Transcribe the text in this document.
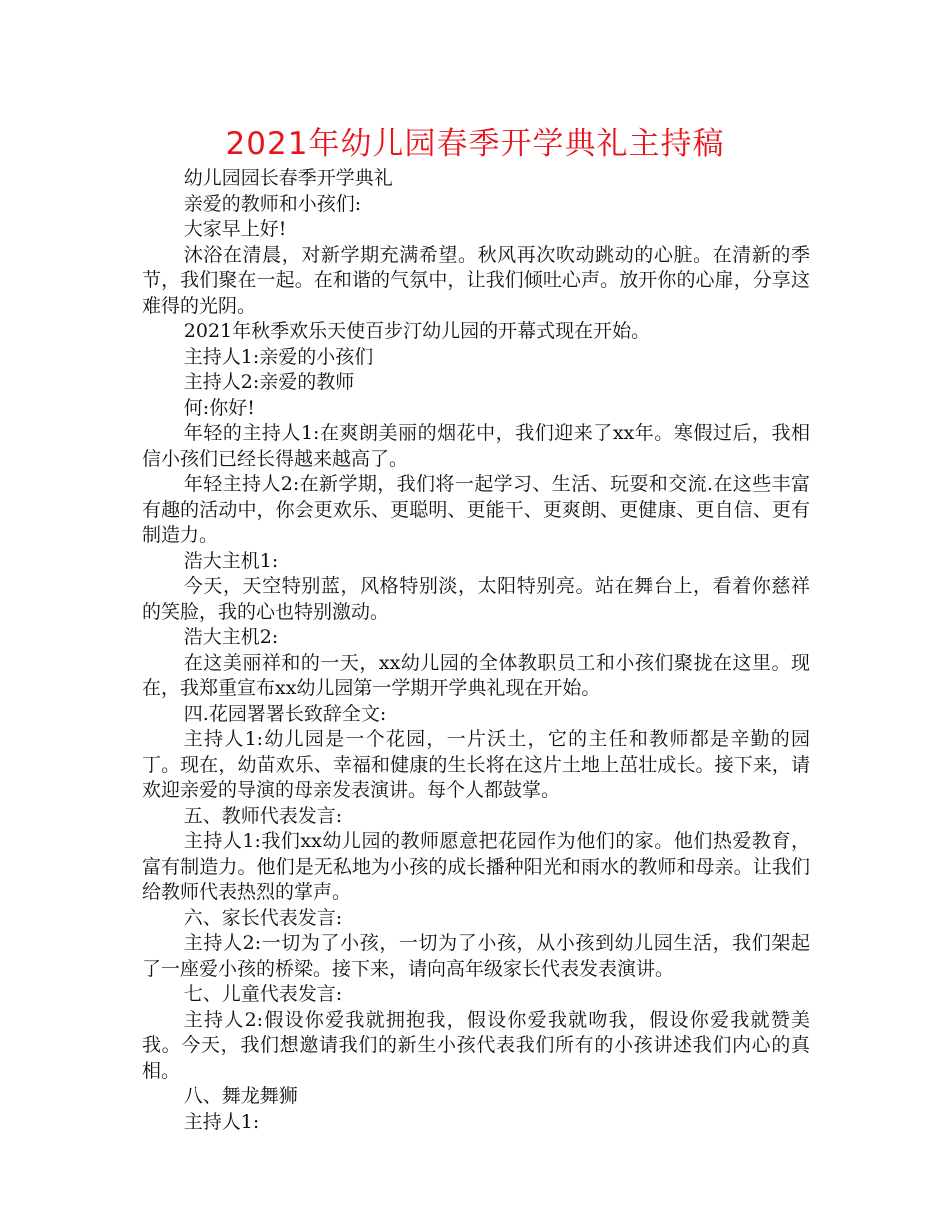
2021年幼儿园春季开学典礼主持稿

幼儿园园长春季开学典礼

亲爱的教师和小孩们:

大家早上好!

沐浴在清晨，对新学期充满希望。秋风再次吹动跳动的心脏。在清新的季节，我们聚在一起。在和谐的气氛中，让我们倾吐心声。放开你的心扉，分享这难得的光阴。

2021年秋季欢乐天使百步汀幼儿园的开幕式现在开始。

主持人1:亲爱的小孩们

主持人2:亲爱的教师

何:你好!

年轻的主持人1:在爽朗美丽的烟花中，我们迎来了xx年。寒假过后，我相信小孩们已经长得越来越高了。

年轻主持人2:在新学期，我们将一起学习、生活、玩耍和交流.在这些丰富有趣的活动中，你会更欢乐、更聪明、更能干、更爽朗、更健康、更自信、更有制造力。

浩大主机1:

今天，天空特别蓝，风格特别淡，太阳特别亮。站在舞台上，看着你慈祥的笑脸，我的心也特别激动。

浩大主机2:

在这美丽祥和的一天，xx幼儿园的全体教职员工和小孩们聚拢在这里。现在，我郑重宣布xx幼儿园第一学期开学典礼现在开始。

四.花园署署长致辞全文:

主持人1:幼儿园是一个花园，一片沃土，它的主任和教师都是辛勤的园丁。现在，幼苗欢乐、幸福和健康的生长将在这片土地上茁壮成长。接下来，请欢迎亲爱的导演的母亲发表演讲。每个人都鼓掌。

五、教师代表发言:

主持人1:我们xx幼儿园的教师愿意把花园作为他们的家。他们热爱教育，富有制造力。他们是无私地为小孩的成长播种阳光和雨水的教师和母亲。让我们给教师代表热烈的掌声。

六、家长代表发言:

主持人2:一切为了小孩，一切为了小孩，从小孩到幼儿园生活，我们架起了一座爱小孩的桥梁。接下来，请向高年级家长代表发表演讲。

七、儿童代表发言:

主持人2:假设你爱我就拥抱我，假设你爱我就吻我，假设你爱我就赞美我。今天，我们想邀请我们的新生小孩代表我们所有的小孩讲述我们内心的真相。

八、舞龙舞狮

主持人1:
